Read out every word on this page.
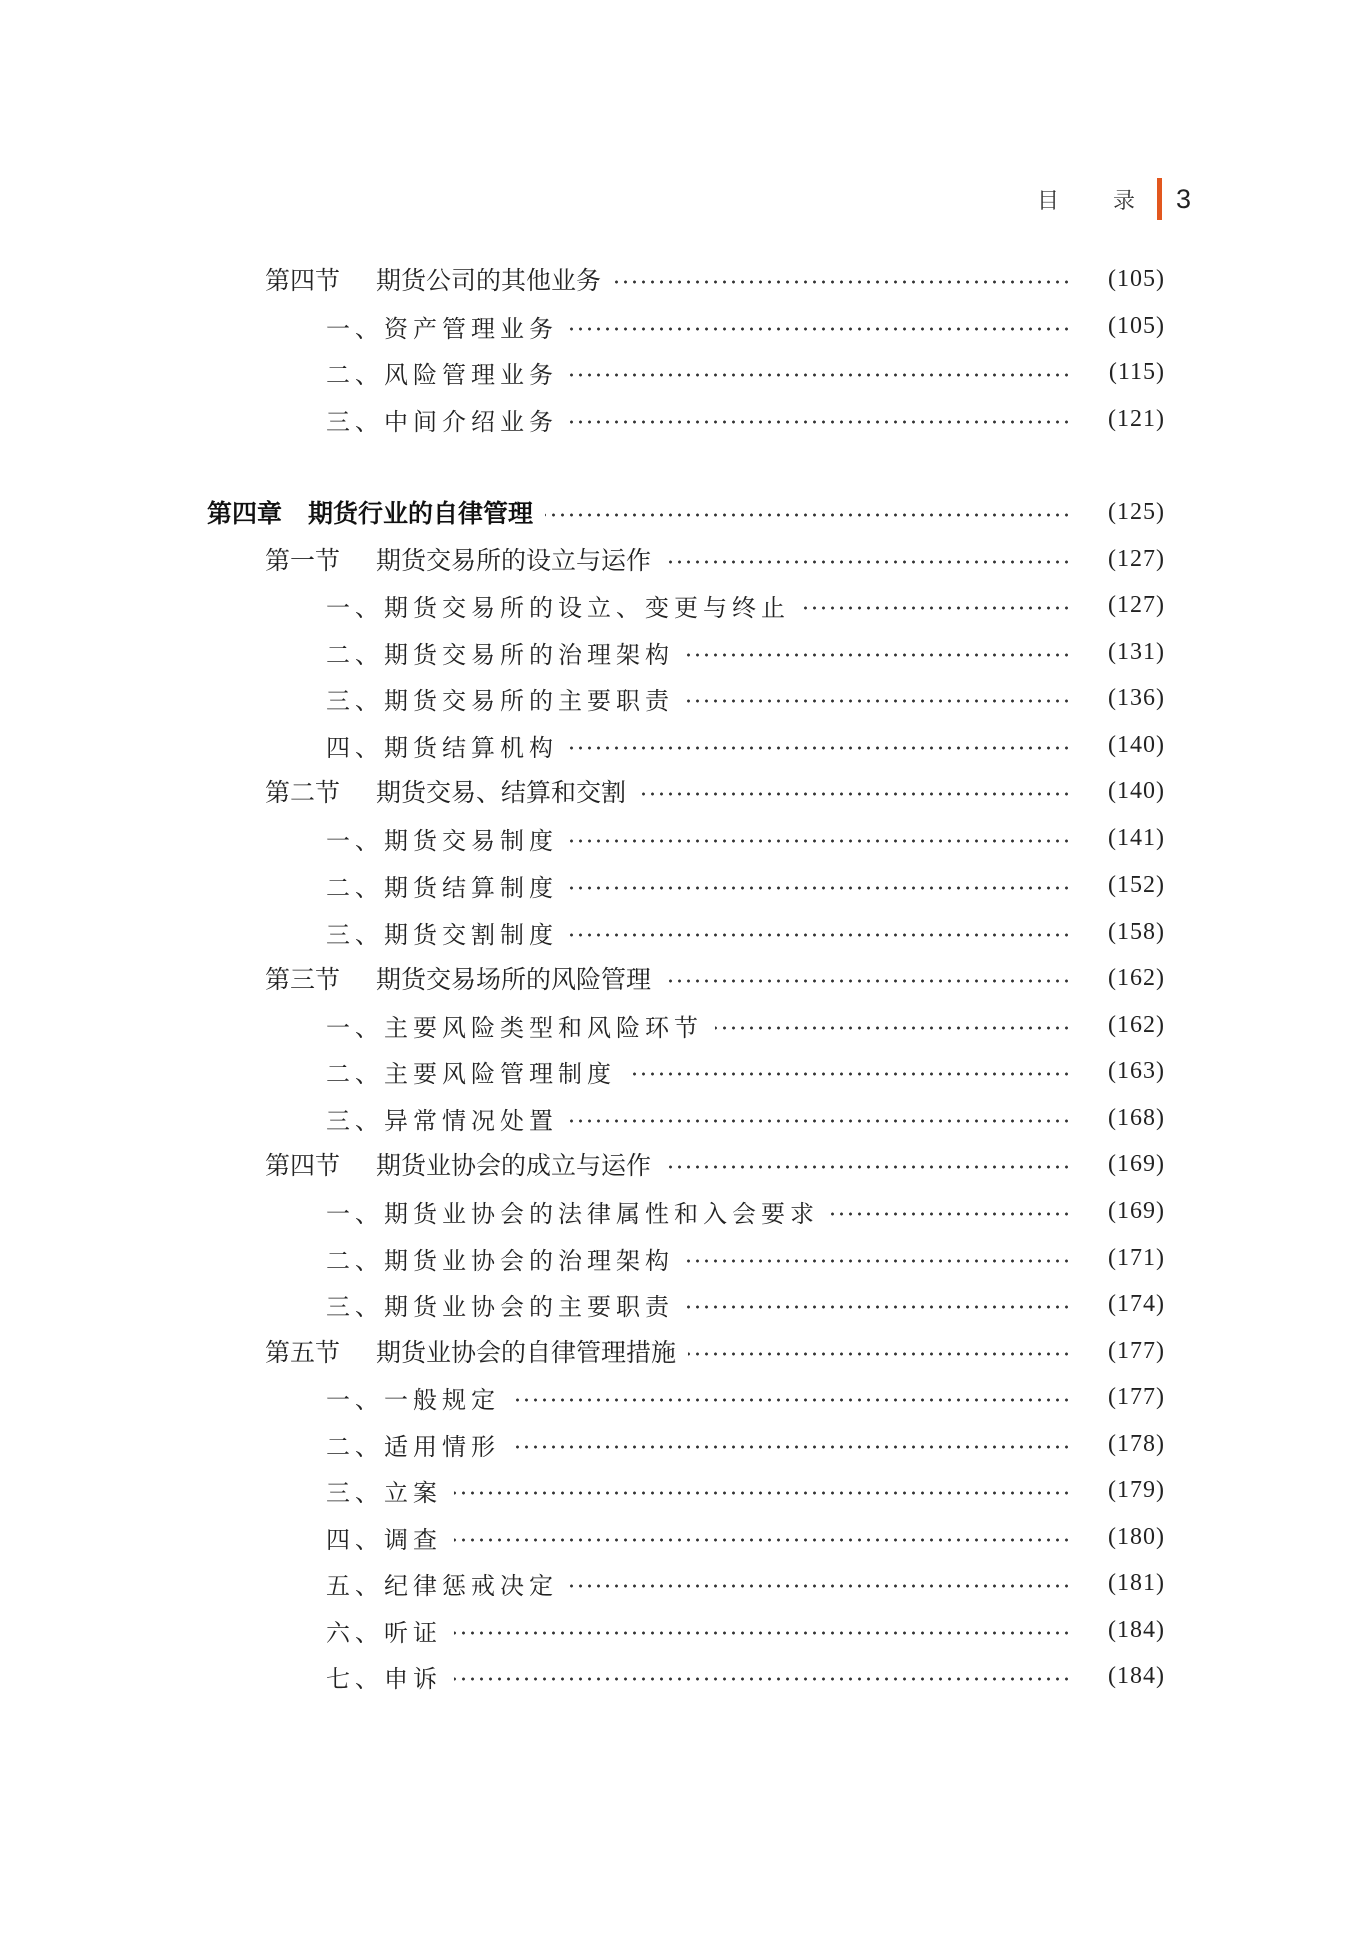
目 录 3
第四节 期货公司的其他业务	(105)
一、 资产管理业务	(105)
二、 风险管理业务	(115)
三、 中间介绍业务	(121)
第四章 期货行业的自律管理	(125)
第一节 期货交易所的设立与运作	(127)
一、 期货交易所的设立、变更与终止	(127)
二、 期货交易所的治理架构	(131)
三、 期货交易所的主要职责	(136)
四、 期货结算机构	(140)
第二节 期货交易、结算和交割	(140)
一、 期货交易制度	(141)
二、 期货结算制度	(152)
三、 期货交割制度	(158)
第三节 期货交易场所的风险管理	(162)
一、 主要风险类型和风险环节	(162)
二、 主要风险管理制度	(163)
三、 异常情况处置	(168)
第四节 期货业协会的成立与运作	(169)
一、 期货业协会的法律属性和入会要求	(169)
二、 期货业协会的治理架构	(171)
三、 期货业协会的主要职责	(174)
第五节 期货业协会的自律管理措施	(177)
一、 一般规定	(177)
二、 适用情形	(178)
三、 立案	(179)
四、 调查	(180)
五、 纪律惩戒决定	(181)
六、 听证	(184)
七、 申诉	(184)
